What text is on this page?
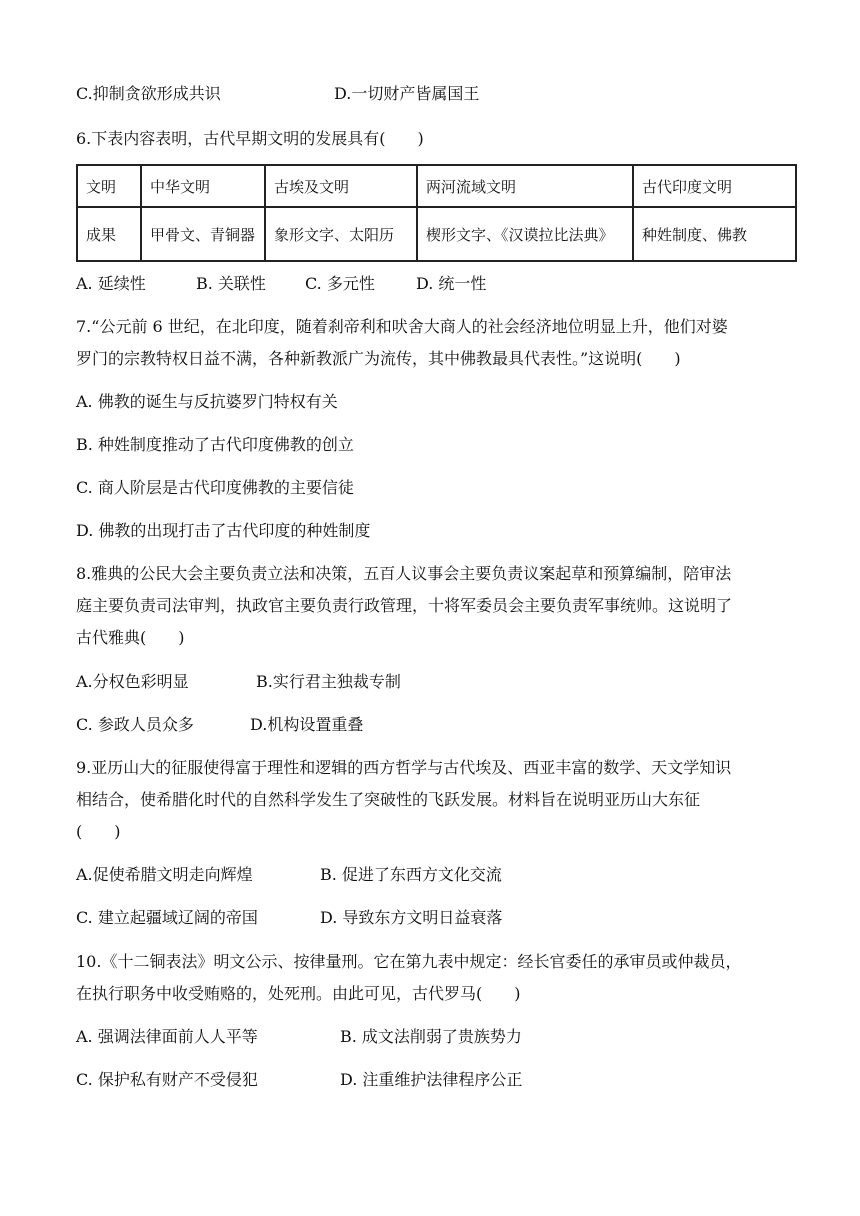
C.抑制贪欲形成共识	D.一切财产皆属国王
6.下表内容表明，古代早期文明的发展具有(　　)
文明	中华文明	古埃及文明	两河流域文明	古代印度文明
成果	甲骨文、青铜器	象形文字、太阳历	楔形文字、《汉谟拉比法典》	种姓制度、佛教
A. 延续性	B. 关联性 C. 多元性	D. 统一性
7.“公元前 6 世纪，在北印度，随着刹帝利和吠舍大商人的社会经济地位明显上升，他们对婆
罗门的宗教特权日益不满，各种新教派广为流传，其中佛教最具代表性。”这说明(　　)
A. 佛教的诞生与反抗婆罗门特权有关
B. 种姓制度推动了古代印度佛教的创立
C. 商人阶层是古代印度佛教的主要信徒
D. 佛教的出现打击了古代印度的种姓制度
8.雅典的公民大会主要负责立法和决策，五百人议事会主要负责议案起草和预算编制，陪审法
庭主要负责司法审判，执政官主要负责行政管理，十将军委员会主要负责军事统帅。这说明了
古代雅典(　　)
A.分权色彩明显	B.实行君主独裁专制
C. 参政人员众多	D.机构设置重叠
9.亚历山大的征服使得富于理性和逻辑的西方哲学与古代埃及、西亚丰富的数学、天文学知识
相结合，使希腊化时代的自然科学发生了突破性的飞跃发展。材料旨在说明亚历山大东征
(　　)
A.促使希腊文明走向辉煌	B. 促进了东西方文化交流
C. 建立起疆域辽阔的帝国	D. 导致东方文明日益衰落
10.《十二铜表法》明文公示、按律量刑。它在第九表中规定：经长官委任的承审员或仲裁员，
在执行职务中收受贿赂的，处死刑。由此可见，古代罗马(　　)
A. 强调法律面前人人平等	B. 成文法削弱了贵族势力
C. 保护私有财产不受侵犯	D. 注重维护法律程序公正
